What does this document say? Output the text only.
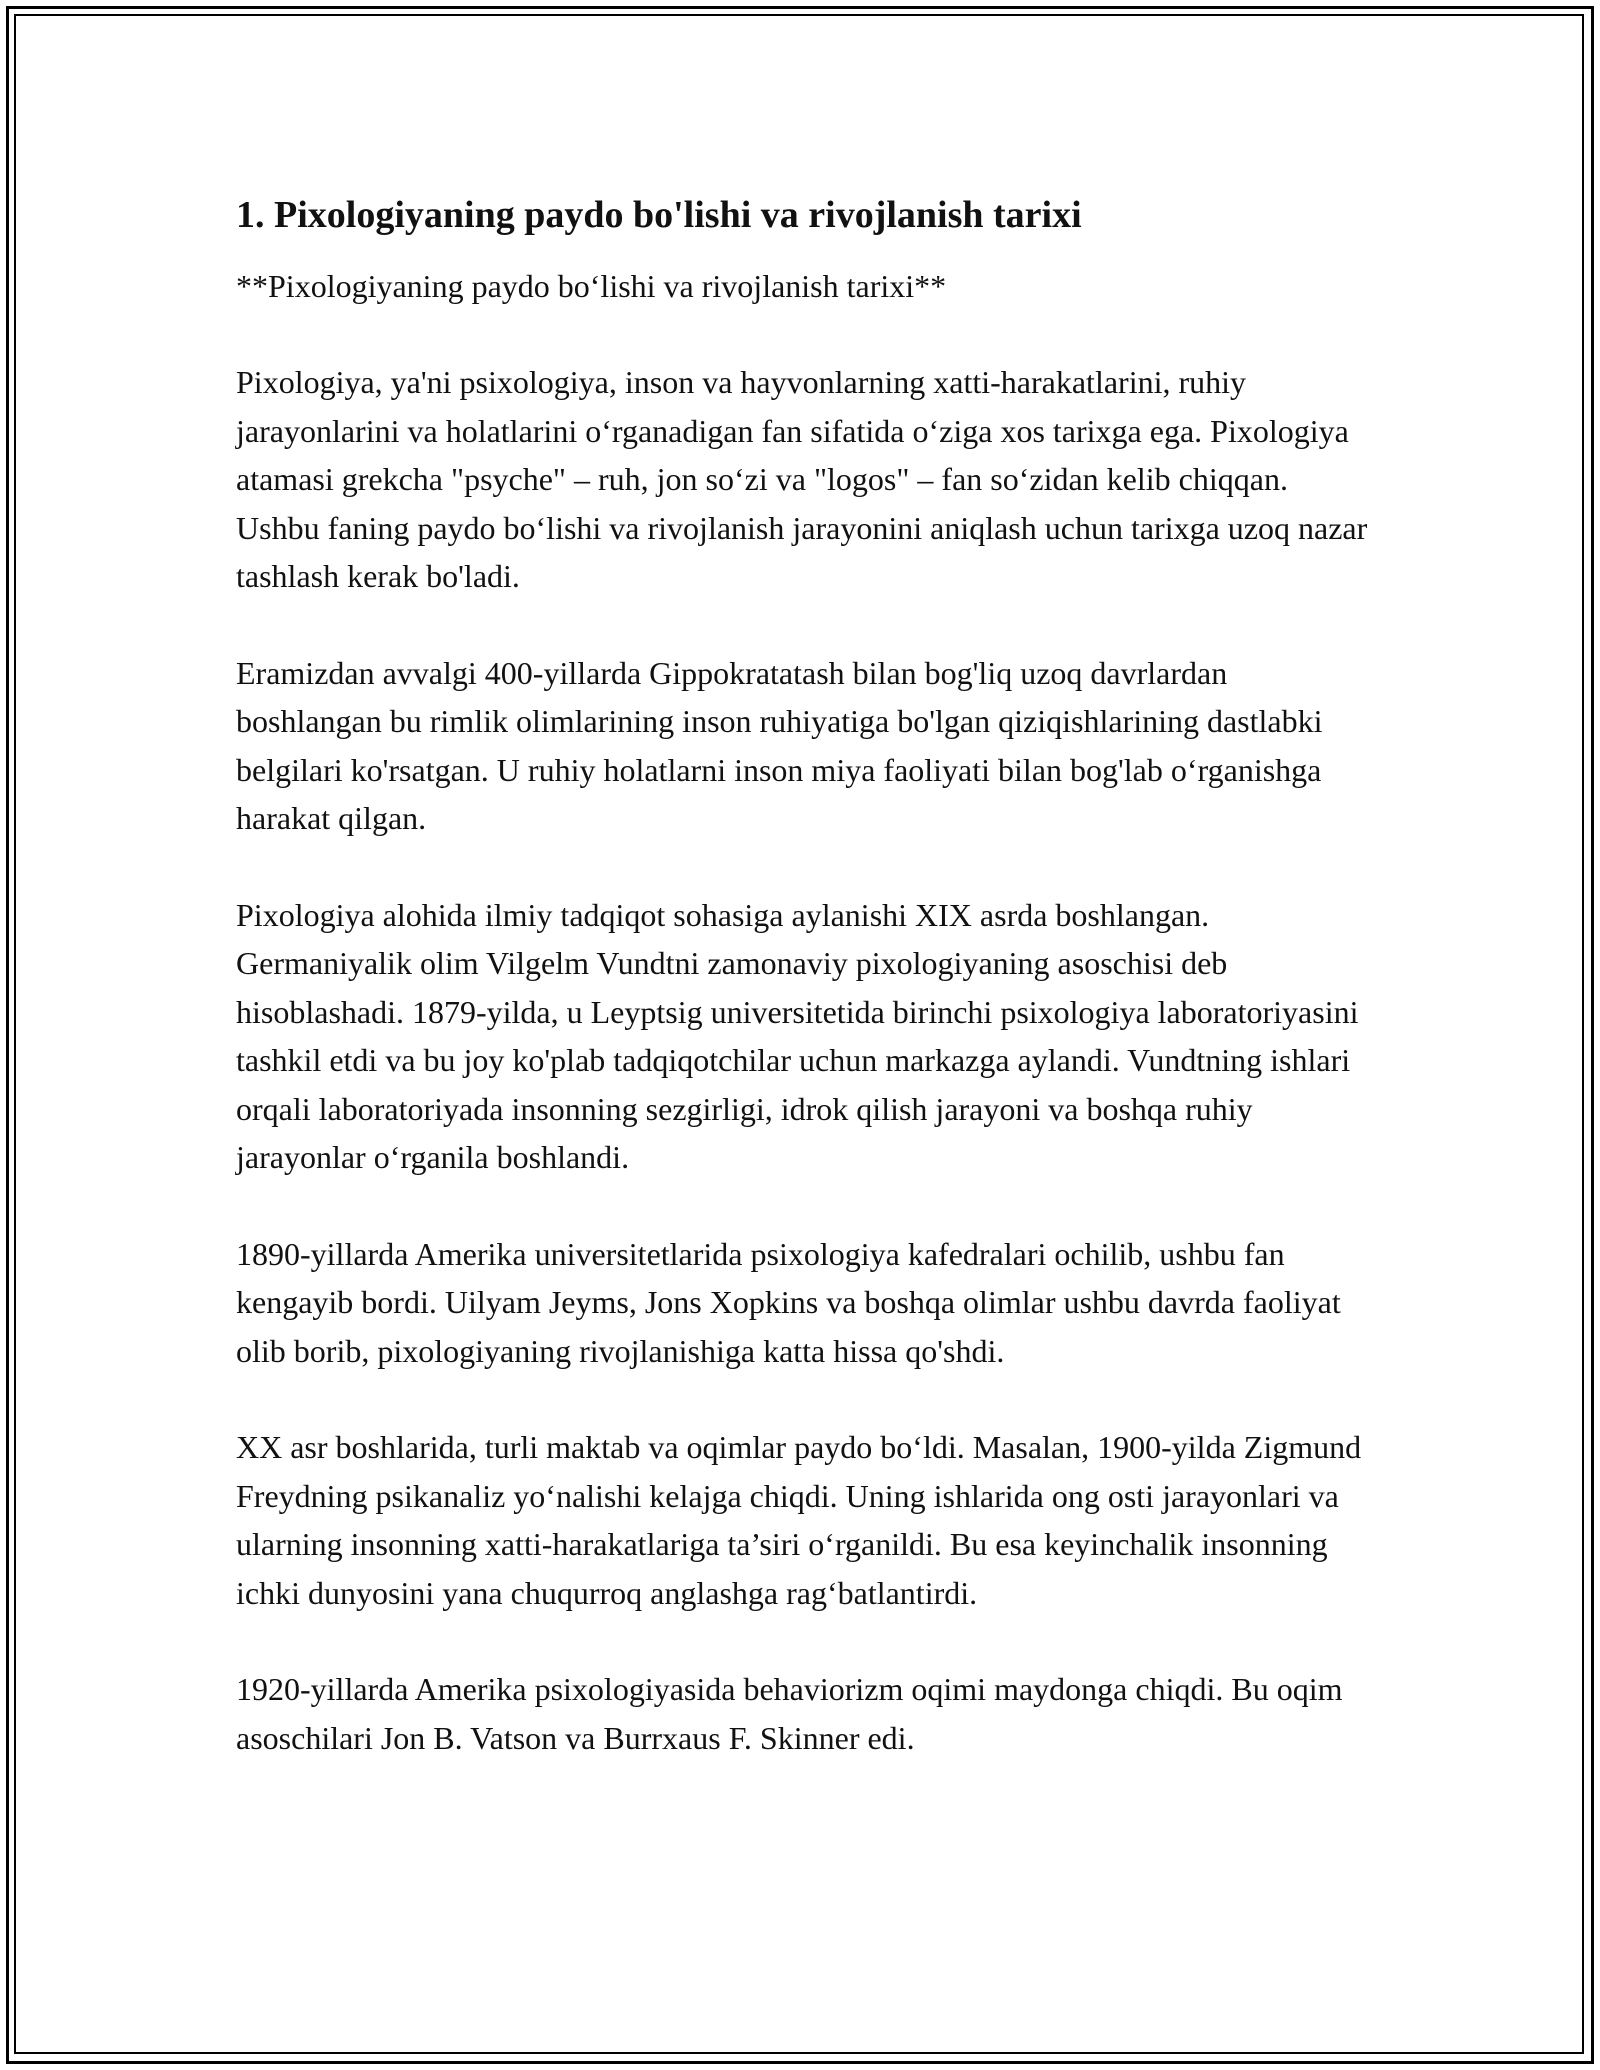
1. Pixologiyaning paydo bo'lishi va rivojlanish tarixi

**Pixologiyaning paydo bo‘lishi va rivojlanish tarixi**

Pixologiya, ya'ni psixologiya, inson va hayvonlarning xatti-harakatlarini, ruhiy jarayonlarini va holatlarini o‘rganadigan fan sifatida o‘ziga xos tarixga ega. Pixologiya atamasi grekcha "psyche" – ruh, jon so‘zi va "logos" – fan so‘zidan kelib chiqqan. Ushbu faning paydo bo‘lishi va rivojlanish jarayonini aniqlash uchun tarixga uzoq nazar tashlash kerak bo'ladi.

Eramizdan avvalgi 400-yillarda Gippokratatash bilan bog'liq uzoq davrlardan boshlangan bu rimlik olimlarining inson ruhiyatiga bo'lgan qiziqishlarining dastlabki belgilari ko'rsatgan. U ruhiy holatlarni inson miya faoliyati bilan bog'lab o‘rganishga harakat qilgan.

Pixologiya alohida ilmiy tadqiqot sohasiga aylanishi XIX asrda boshlangan. Germaniyalik olim Vilgelm Vundtni zamonaviy pixologiyaning asoschisi deb hisoblashadi. 1879-yilda, u Leyptsig universitetida birinchi psixologiya laboratoriyasini tashkil etdi va bu joy ko'plab tadqiqotchilar uchun markazga aylandi. Vundtning ishlari orqali laboratoriyada insonning sezgirligi, idrok qilish jarayoni va boshqa ruhiy jarayonlar o‘rganila boshlandi.

1890-yillarda Amerika universitetlarida psixologiya kafedralari ochilib, ushbu fan kengayib bordi. Uilyam Jeyms, Jons Xopkins va boshqa olimlar ushbu davrda faoliyat olib borib, pixologiyaning rivojlanishiga katta hissa qo'shdi.

XX asr boshlarida, turli maktab va oqimlar paydo bo‘ldi. Masalan, 1900-yilda Zigmund Freydning psikanaliz yo‘nalishi kelajga chiqdi. Uning ishlarida ong osti jarayonlari va ularning insonning xatti-harakatlariga ta’siri o‘rganildi. Bu esa keyinchalik insonning ichki dunyosini yana chuqurroq anglashga rag‘batlantirdi.

1920-yillarda Amerika psixologiyasida behaviorizm oqimi maydonga chiqdi. Bu oqim asoschilari Jon B. Vatson va Burrxaus F. Skinner edi.
